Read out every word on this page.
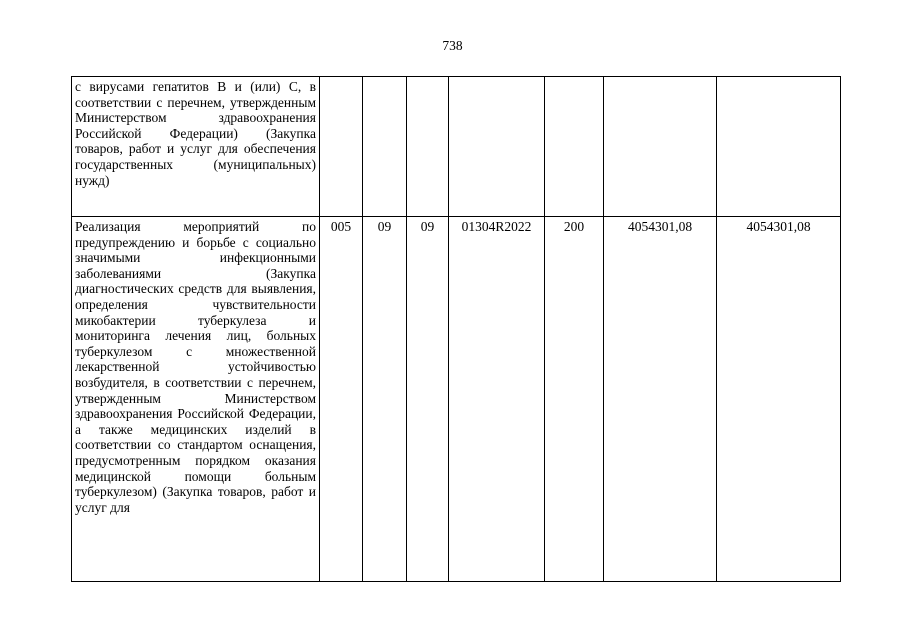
738
с вирусами гепатитов В и (или) С, в соответствии с перечнем, утвержденным Министерством здравоохранения Российской Федерации) (Закупка товаров, работ и услуг для обеспечения государственных (муниципальных) нужд)							

Реализация мероприятий по предупреждению и борьбе с социально значимыми инфекционными заболеваниями (Закупка диагностических средств для выявления, определения чувствительности микобактерии туберкулеза и мониторинга лечения лиц, больных туберкулезом с множественной лекарственной устойчивостью возбудителя, в соответствии с перечнем, утвержденным Министерством здравоохранения Российской Федерации, а также медицинских изделий в соответствии со стандартом оснащения, предусмотренным порядком оказания медицинской помощи больным туберкулезом) (Закупка товаров, работ и услуг для	005	09	09	01304R2022	200	4054301,08	4054301,08
